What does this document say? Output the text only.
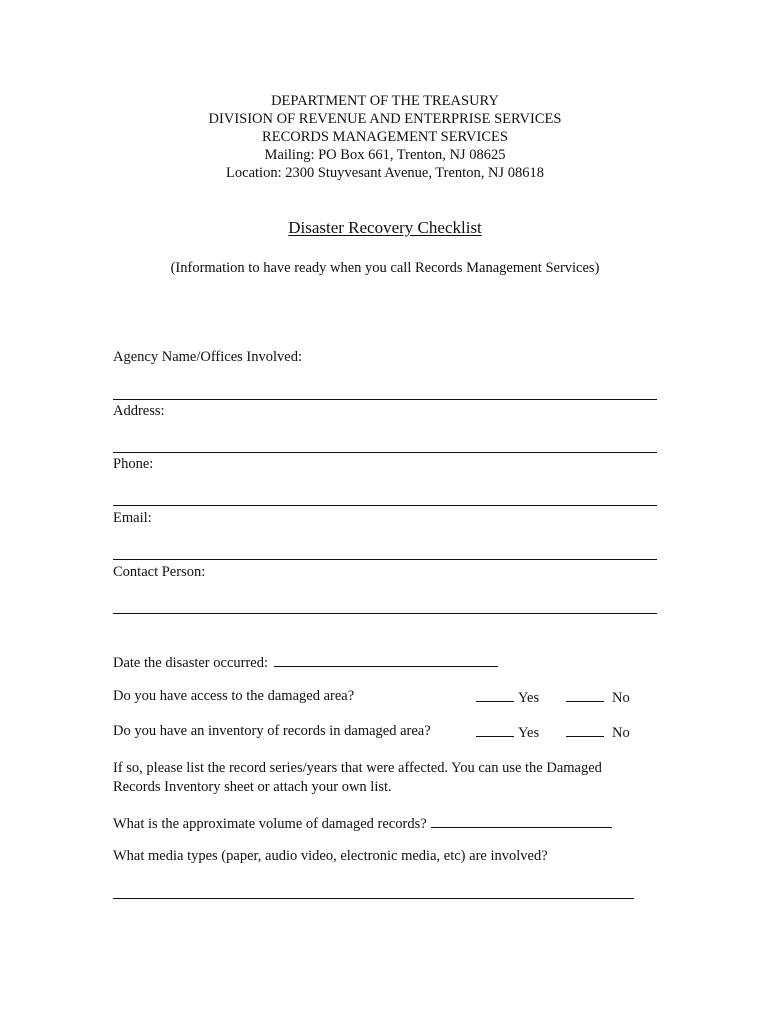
DEPARTMENT OF THE TREASURY
DIVISION OF REVENUE AND ENTERPRISE SERVICES
RECORDS MANAGEMENT SERVICES
Mailing: PO Box 661, Trenton, NJ 08625
Location: 2300 Stuyvesant Avenue, Trenton, NJ 08618
Disaster Recovery Checklist
(Information to have ready when you call Records Management Services)
Agency Name/Offices Involved:
Address:
Phone:
Email:
Contact Person:
Date the disaster occurred:
Do you have access to the damaged area?	Yes	No
Do you have an inventory of records in damaged area?	Yes	No
If so, please list the record series/years that were affected. You can use the Damaged
Records Inventory sheet or attach your own list.
What is the approximate volume of damaged records?
What media types (paper, audio video, electronic media, etc) are involved?
